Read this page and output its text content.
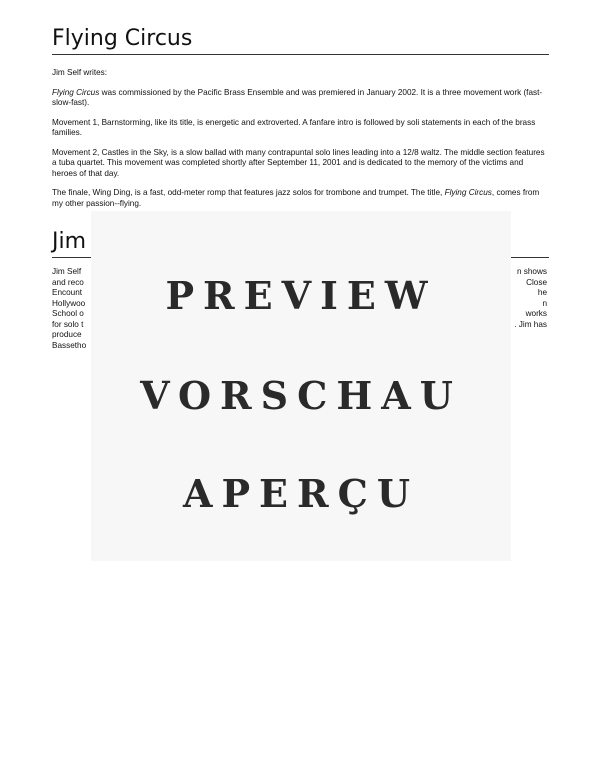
Flying Circus

Jim Self writes:

Flying Circus was commissioned by the Pacific Brass Ensemble and was premiered in January 2002. It is a three movement work (fast-slow-fast).

Movement 1, Barnstorming, like its title, is energetic and extroverted. A fanfare intro is followed by soli statements in each of the brass families.

Movement 2, Castles in the Sky, is a slow ballad with many contrapuntal solo lines leading into a 12/8 waltz. The middle section features a tuba quartet. This movement was completed shortly after September 11, 2001 and is dedicated to the memory of the victims and heroes of that day.

The finale, Wing Ding, is a fast, odd-meter romp that features jazz solos for trombone and trumpet. The title, Flying Circus, comes from my other passion--flying.

Jim
Jim Self	n shows
and reco	Close
Encount	he
Hollywoo	n
School o	works
for solo t	. Jim has
produce
Bassetho
PREVIEW
VORSCHAU
APERÇU
